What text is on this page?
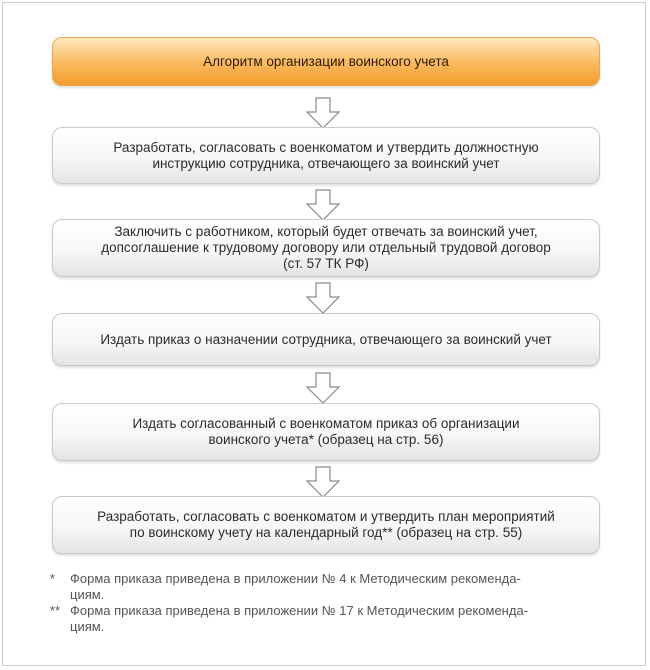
Алгоритм организации воинского учета
Разработать, согласовать с военкоматом и утвердить должностную
инструкцию сотрудника, отвечающего за воинский учет
Заключить с работником, который будет отвечать за воинский учет,
допсоглашение к трудовому договору или отдельный трудовой договор
(ст. 57 ТК РФ)
Издать приказ о назначении сотрудника, отвечающего за воинский учет
Издать согласованный с военкоматом приказ об организации
воинского учета* (образец на стр. 56)
Разработать, согласовать с военкоматом и утвердить план мероприятий
по воинскому учету на календарный год** (образец на стр. 55)
*	Форма приказа приведена в приложении № 4 к Методическим рекоменда-
циям.
** Форма приказа приведена в приложении № 17 к Методическим рекоменда-
циям.
